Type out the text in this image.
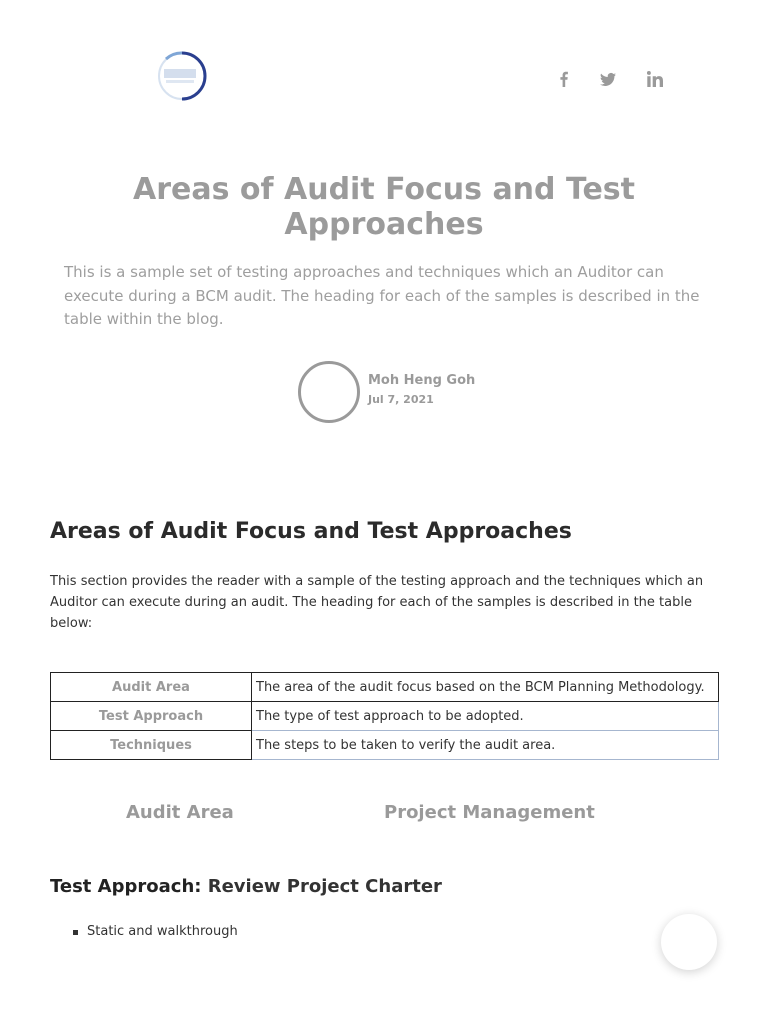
Areas of Audit Focus and Test Approaches

This is a sample set of testing approaches and techniques which an Auditor can execute during a BCM audit. The heading for each of the samples is described in the table within the blog.

Moh Heng Goh
Jul 7, 2021
Areas of Audit Focus and Test Approaches

This section provides the reader with a sample of the testing approach and the techniques which an Auditor can execute during an audit. The heading for each of the samples is described in the table below:

Audit Area	The area of the audit focus based on the BCM Planning Methodology.
Test Approach	The type of test approach to be adopted.
Techniques	The steps to be taken to verify the audit area.
Audit Area	Project Management
Test Approach: Review Project Charter
Static and walkthrough
